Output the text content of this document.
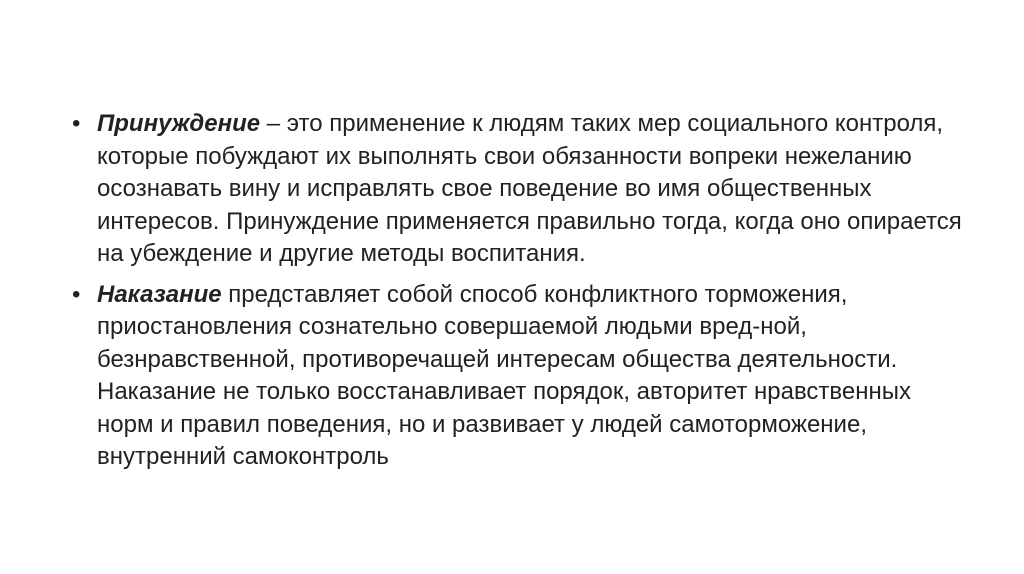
• Принуждение – это применение к людям таких мер социального контроля, которые побуждают их выполнять свои обязанности вопреки нежеланию осознавать вину и исправлять свое поведение во имя общественных интересов. Принуждение применяется правильно тогда, когда оно опирается на убеждение и другие методы воспитания.
• Наказание представляет собой способ конфликтного торможения, приостановления сознательно совершаемой людьми вред-ной, безнравственной, противоречащей интересам общества деятельности. Наказание не только восстанавливает порядок, авторитет нравственных норм и правил поведения, но и развивает у людей самоторможение, внутренний самоконтроль
